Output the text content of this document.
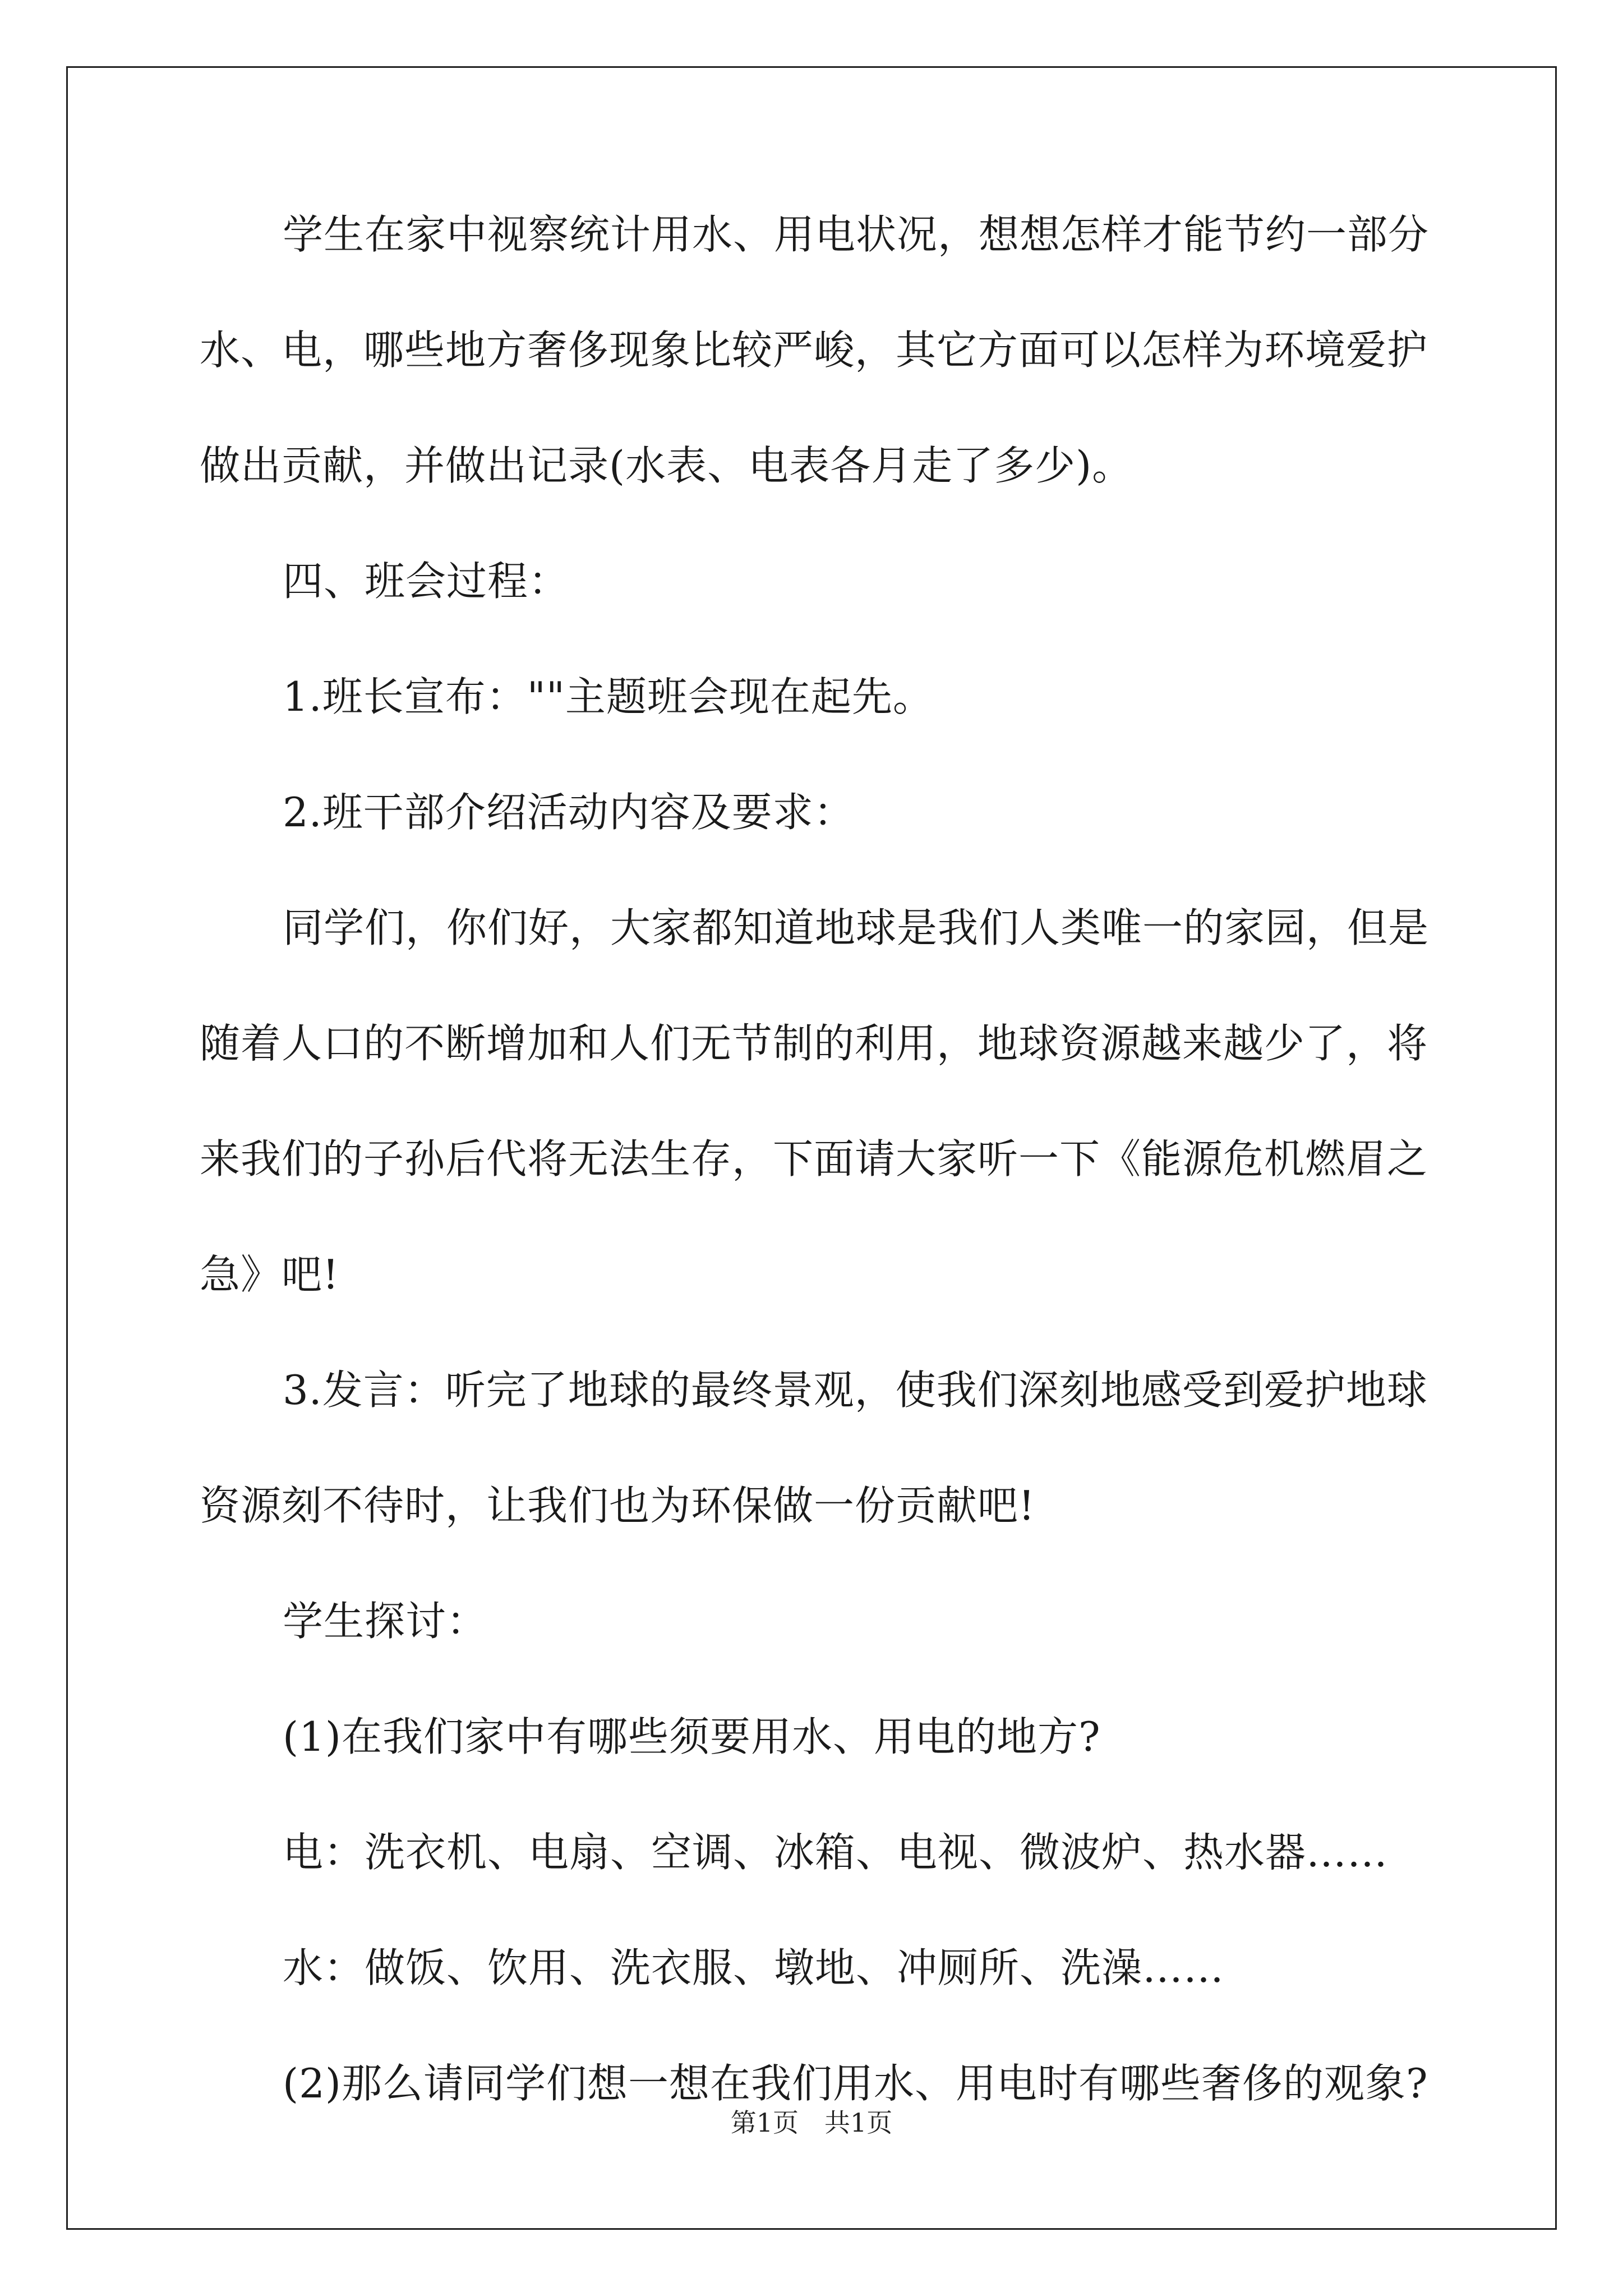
学生在家中视察统计用水、用电状况，想想怎样才能节约一部分
水、电，哪些地方奢侈现象比较严峻，其它方面可以怎样为环境爱护
做出贡献，并做出记录(水表、电表各月走了多少)。
四、班会过程：
1.班长宣布：""主题班会现在起先。
2.班干部介绍活动内容及要求：
同学们，你们好，大家都知道地球是我们人类唯一的家园，但是
随着人口的不断增加和人们无节制的利用，地球资源越来越少了，将
来我们的子孙后代将无法生存，下面请大家听一下《能源危机燃眉之
急》吧!
3.发言：听完了地球的最终景观，使我们深刻地感受到爱护地球
资源刻不待时，让我们也为环保做一份贡献吧!
学生探讨：
(1)在我们家中有哪些须要用水、用电的地方?
电：洗衣机、电扇、空调、冰箱、电视、微波炉、热水器……
水：做饭、饮用、洗衣服、墩地、冲厕所、洗澡……
(2)那么请同学们想一想在我们用水、用电时有哪些奢侈的观象?
第1页　共1页
